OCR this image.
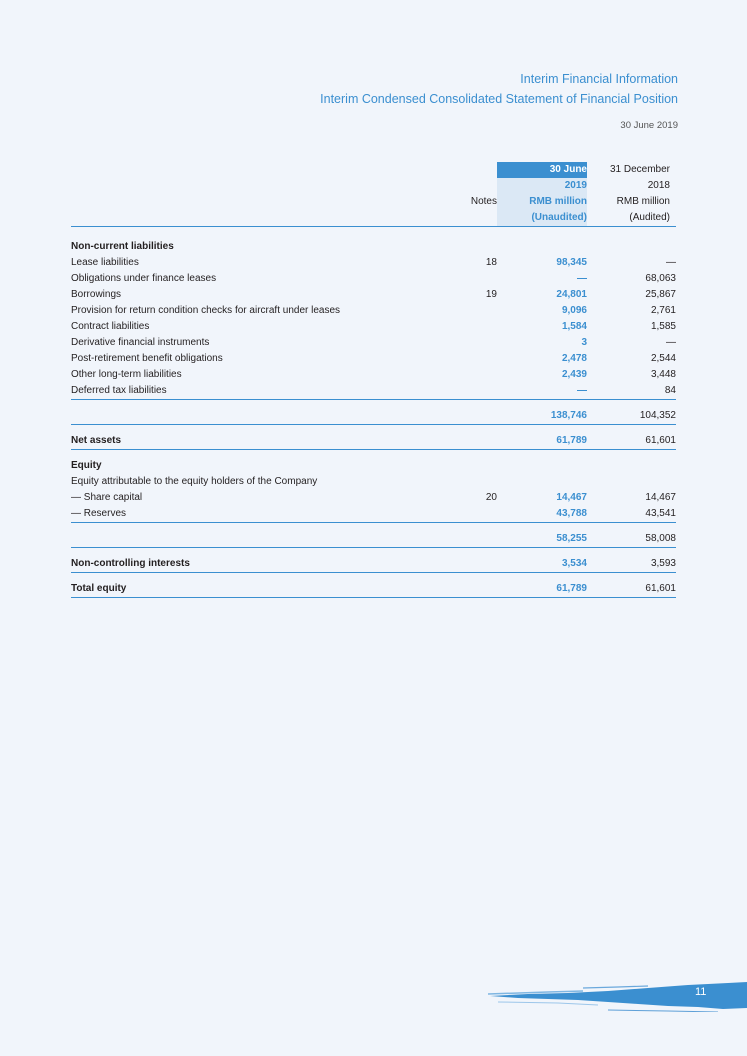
Interim Financial Information
Interim Condensed Consolidated Statement of Financial Position
30 June 2019
		30 June	31 December
		2019	2018
	Notes	RMB million	RMB million
		(Unaudited)	(Audited)

Non-current liabilities			
Lease liabilities	18	98,345	—
Obligations under finance leases		—	68,063
Borrowings	19	24,801	25,867
Provision for return condition checks for aircraft under leases		9,096	2,761
Contract liabilities		1,584	1,585
Derivative financial instruments		3	—
Post-retirement benefit obligations		2,478	2,544
Other long-term liabilities		2,439	3,448
Deferred tax liabilities		—	84

		138,746	104,352

Net assets		61,789	61,601

Equity			
Equity attributable to the equity holders of the Company			
— Share capital	20	14,467	14,467
— Reserves		43,788	43,541

		58,255	58,008

Non-controlling interests		3,534	3,593

Total equity		61,789	61,601
11
